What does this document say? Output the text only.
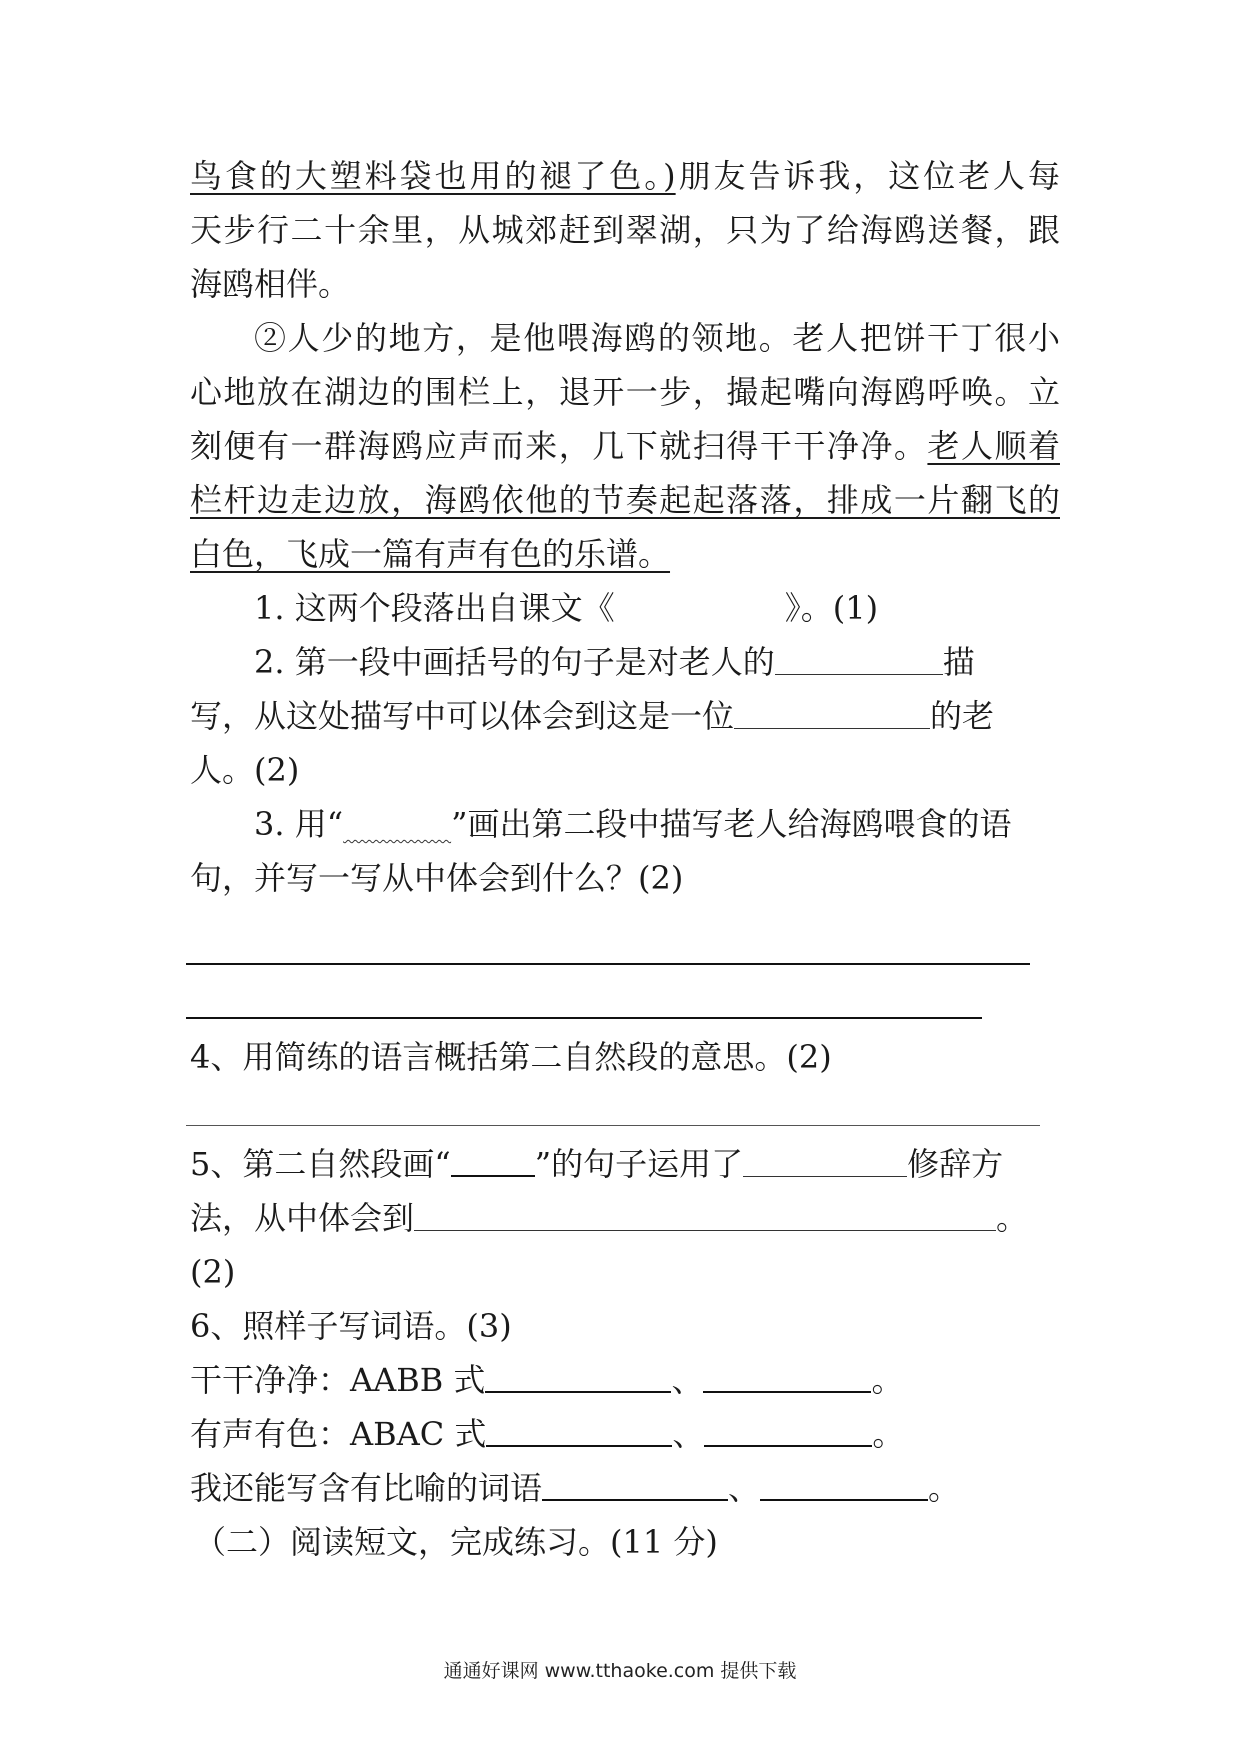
鸟食的大塑料袋也用的褪了色。)朋友告诉我，这位老人每
天步行二十余里，从城郊赶到翠湖，只为了给海鸥送餐，跟
海鸥相伴。
②人少的地方，是他喂海鸥的领地。老人把饼干丁很小
心地放在湖边的围栏上，退开一步，撮起嘴向海鸥呼唤。立
刻便有一群海鸥应声而来，几下就扫得干干净净。老人顺着
栏杆边走边放，海鸥依他的节奏起起落落，排成一片翻飞的
白色，飞成一篇有声有色的乐谱。
1. 这两个段落出自课文《	》。(1)
2. 第一段中画括号的句子是对老人的	描
写，从这处描写中可以体会到这是一位	的老
人。(2)
3. 用“	”画出第二段中描写老人给海鸥喂食的语
句，并写一写从中体会到什么？(2)
4、用简练的语言概括第二自然段的意思。(2)
5、第二自然段画“	”的句子运用了	修辞方
法，从中体会到	。
(2)
6、照样子写词语。(3)
干干净净：AABB 式	、	。
有声有色：ABAC 式	、	。
我还能写含有比喻的词语	、	。
（二）阅读短文，完成练习。(11 分)
通通好课网 www.tthaoke.com 提供下载
